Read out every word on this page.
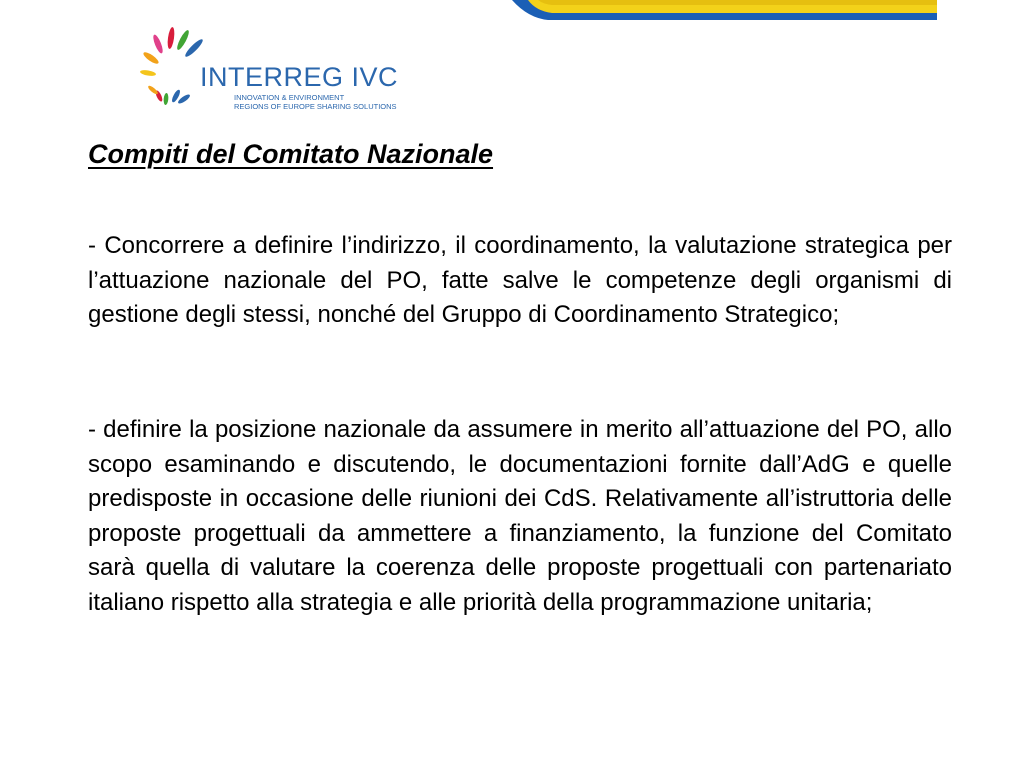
INTERREG IVC
INNOVATION & ENVIRONMENT
REGIONS OF EUROPE SHARING SOLUTIONS
Compiti del Comitato Nazionale

- Concorrere a definire l’indirizzo, il coordinamento, la valutazione strategica per l’attuazione nazionale del PO, fatte salve le competenze degli organismi di gestione degli stessi, nonché del Gruppo di Coordinamento Strategico;

- definire la posizione nazionale da assumere in merito all’attuazione del PO, allo scopo esaminando e discutendo, le documentazioni fornite dall’AdG e quelle predisposte in occasione delle riunioni dei CdS. Relativamente all’istruttoria delle proposte progettuali da ammettere a finanziamento, la funzione del Comitato sarà quella di valutare la coerenza delle proposte progettuali con partenariato italiano rispetto alla strategia e alle priorità della programmazione unitaria;
